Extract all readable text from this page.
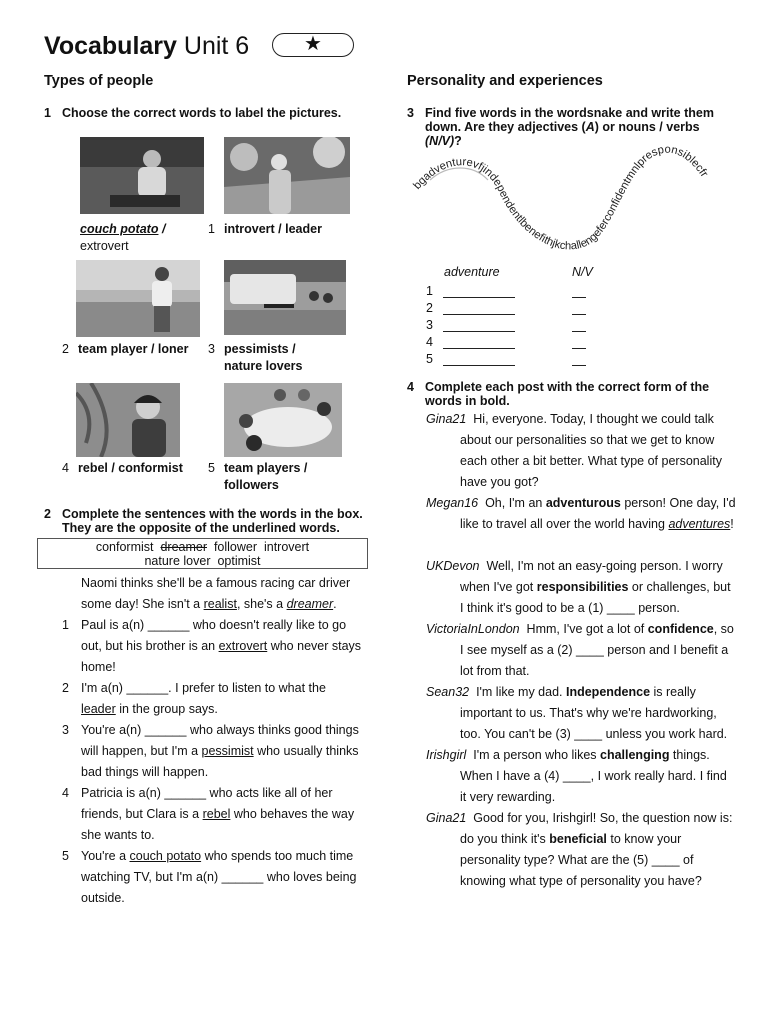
Vocabulary Unit 6	★
Types of people
1 Choose the correct words to label the pictures.
couch potato /
extrovert
1 introvert / leader
2 team player / loner 3 pessimists /
nature lovers
4 rebel / conformist 5 team players /
followers
2 Complete the sentences with the words in the box.
They are the opposite of the underlined words.
conformist dreamer follower introvert
nature lover optimist
Naomi thinks she'll be a famous racing car driver
some day! She isn't a realist, she's a dreamer.
1 Paul is a(n) ______ who doesn't really like to go out, but his brother is an extrovert who never stays home!
2 I'm a(n) ______. I prefer to listen to what the leader in the group says.
3 You're a(n) ______ who always thinks good things will happen, but I'm a pessimist who usually thinks bad things will happen.
4 Patricia is a(n) ______ who acts like all of her friends, but Clara is a rebel who behaves the way she wants to.
5 You're a couch potato who spends too much time watching TV, but I'm a(n) ______ who loves being outside.
Personality and experiences
3 Find five words in the wordsnake and write them
down. Are they adjectives (A) or nouns / verbs
(N/V)?
bgadventurevfjindependentlbenefithjkchallengeferconfidentmnlpresponsiblecfr
adventure	N/V
1
2
3
4
5
4 Complete each post with the correct form of the
words in bold.
Gina21 Hi, everyone. Today, I thought we could talk about our personalities so that we get to know each other a bit better. What type of personality have you got?
Megan16 Oh, I'm an adventurous person! One day, I'd like to travel all over the world having adventures!
UKDevon Well, I'm not an easy-going person. I worry when I've got responsibilities or challenges, but I think it's good to be a (1) ____ person.
VictoriaInLondon Hmm, I've got a lot of confidence, so I see myself as a (2) ____ person and I benefit a lot from that.
Sean32 I'm like my dad. Independence is really important to us. That's why we're hardworking, too. You can't be (3) ____ unless you work hard.
Irishgirl I'm a person who likes challenging things. When I have a (4) ____, I work really hard. I find it very rewarding.
Gina21 Good for you, Irishgirl! So, the question now is: do you think it's beneficial to know your personality type? What are the (5) ____ of knowing what type of personality you have?
